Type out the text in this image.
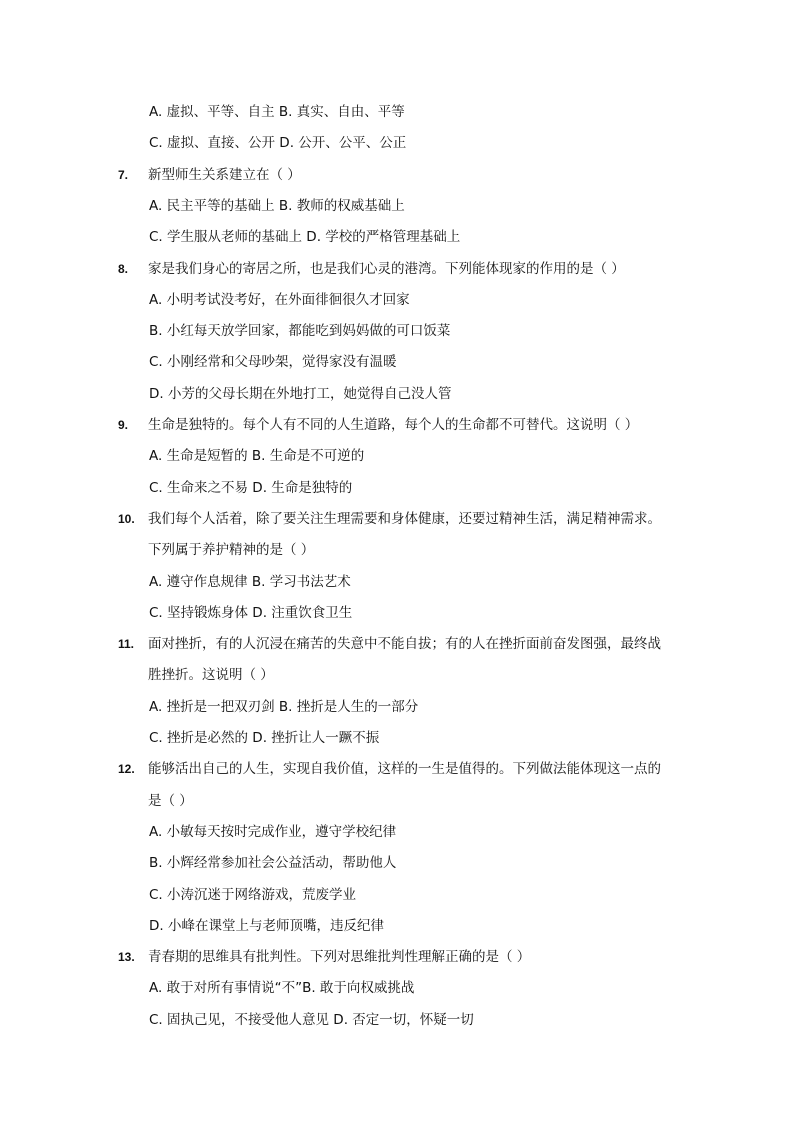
A. 虚拟、平等、自主 B. 真实、自由、平等
C. 虚拟、直接、公开 D. 公开、公平、公正
7. 新型师生关系建立在（ ）
A. 民主平等的基础上 B. 教师的权威基础上
C. 学生服从老师的基础上 D. 学校的严格管理基础上
8. 家是我们身心的寄居之所，也是我们心灵的港湾。下列能体现家的作用的是（ ）
A. 小明考试没考好，在外面徘徊很久才回家
B. 小红每天放学回家，都能吃到妈妈做的可口饭菜
C. 小刚经常和父母吵架，觉得家没有温暖
D. 小芳的父母长期在外地打工，她觉得自己没人管
9. 生命是独特的。每个人有不同的人生道路，每个人的生命都不可替代。这说明（ ）
A. 生命是短暂的 B. 生命是不可逆的
C. 生命来之不易 D. 生命是独特的
10. 我们每个人活着，除了要关注生理需要和身体健康，还要过精神生活，满足精神需求。
下列属于养护精神的是（ ）
A. 遵守作息规律 B. 学习书法艺术
C. 坚持锻炼身体 D. 注重饮食卫生
11. 面对挫折，有的人沉浸在痛苦的失意中不能自拔；有的人在挫折面前奋发图强，最终战
胜挫折。这说明（ ）
A. 挫折是一把双刃剑 B. 挫折是人生的一部分
C. 挫折是必然的 D. 挫折让人一蹶不振
12. 能够活出自己的人生，实现自我价值，这样的一生是值得的。下列做法能体现这一点的
是（ ）
A. 小敏每天按时完成作业，遵守学校纪律
B. 小辉经常参加社会公益活动，帮助他人
C. 小涛沉迷于网络游戏，荒废学业
D. 小峰在课堂上与老师顶嘴，违反纪律
13. 青春期的思维具有批判性。下列对思维批判性理解正确的是（ ）
A. 敢于对所有事情说“不”B. 敢于向权威挑战
C. 固执己见，不接受他人意见 D. 否定一切，怀疑一切
